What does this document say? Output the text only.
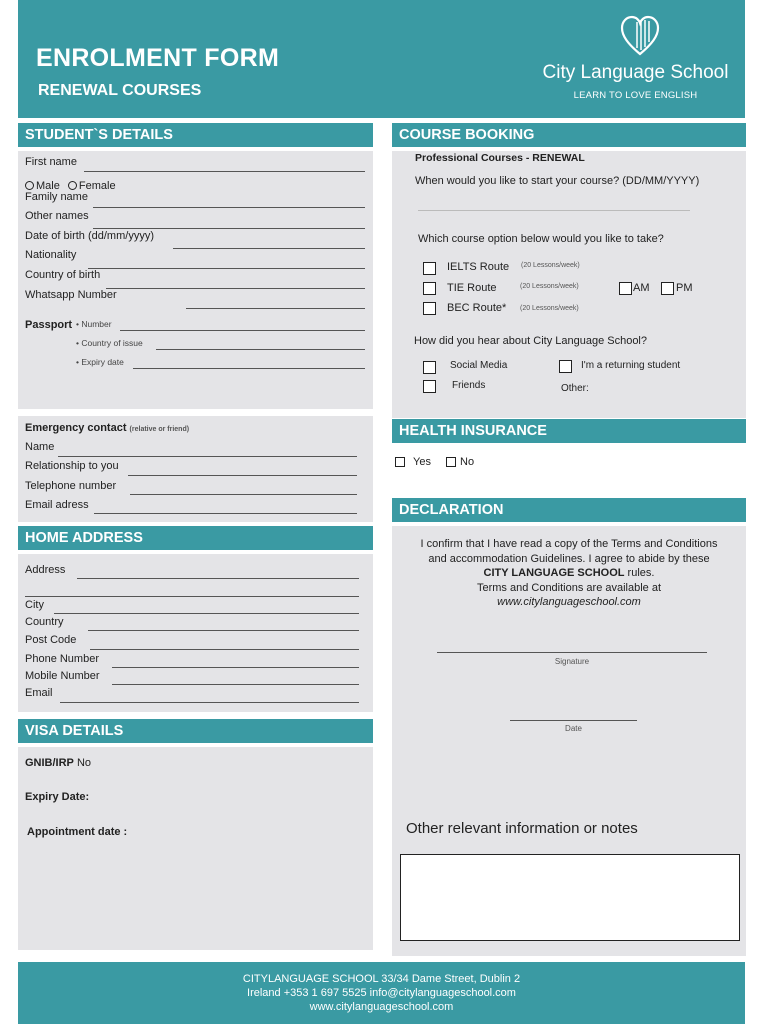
ENROLMENT FORM
RENEWAL COURSES
City Language School
LEARN TO LOVE ENGLISH
STUDENT`S DETAILS
First name
Male Female
Family name
Other names
Date of birth (dd/mm/yyyy)
Nationality
Country of birth
Whatsapp Number
Passport • Number
• Country of issue
• Expiry date
Emergency contact (relative or friend)
Name
Relationship to you
Telephone number
Email adress
HOME ADDRESS
Address
City
Country
Post Code
Phone Number
Mobile Number
Email
VISA DETAILS
GNIB/IRP No
Expiry Date:
Appointment date :
COURSE BOOKING
Professional Courses - RENEWAL
When would you like to start your course? (DD/MM/YYYY)
Which course option below would you like to take?
IELTS Route (20 Lessons/week)
TIE Route	(20 Lessons/week)	AM PM
BEC Route* (20 Lessons/week)
How did you hear about City Language School?
Social Media	I'm a returning student
Friends	Other:
HEALTH INSURANCE
Yes	No
DECLARATION
I confirm that I have read a copy of the Terms and Conditions
and accommodation Guidelines. I agree to abide by these
CITY LANGUAGE SCHOOL rules.
Terms and Conditions are available at
www.citylanguageschool.com
Signature
Date
Other relevant information or notes
CITYLANGUAGE SCHOOL 33/34 Dame Street, Dublin 2
Ireland +353 1 697 5525 info@citylanguageschool.com
www.citylanguageschool.com
